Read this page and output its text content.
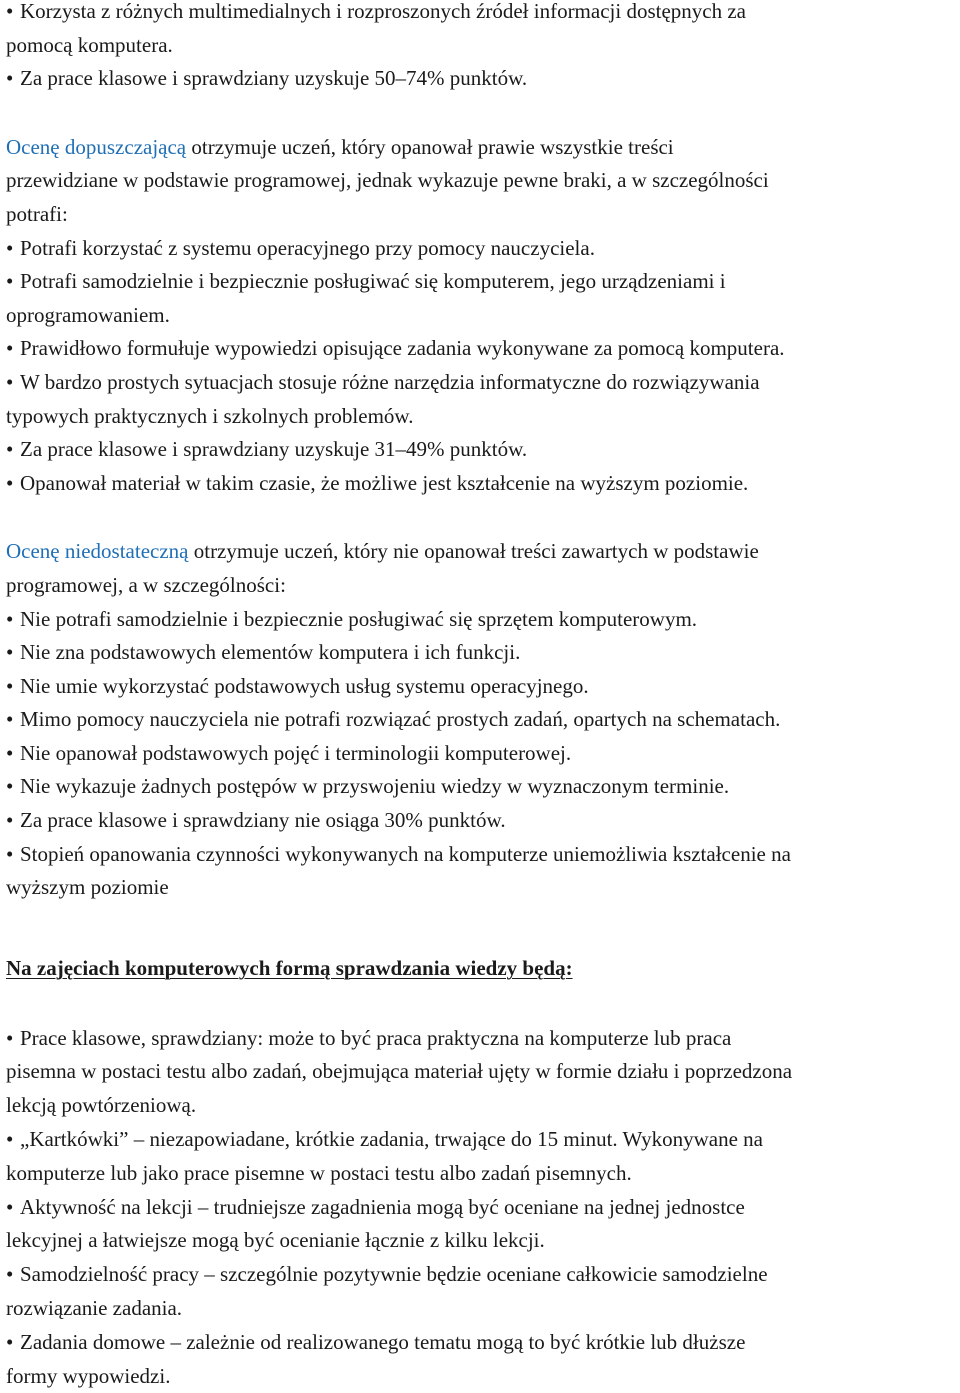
• Korzysta z różnych multimedialnych i rozproszonych źródeł informacji dostępnych za
pomocą komputera.
• Za prace klasowe i sprawdziany uzyskuje 50–74% punktów.
Ocenę dopuszczającą otrzymuje uczeń, który opanował prawie wszystkie treści
przewidziane w podstawie programowej, jednak wykazuje pewne braki, a w szczególności
potrafi:
• Potrafi korzystać z systemu operacyjnego przy pomocy nauczyciela.
• Potrafi samodzielnie i bezpiecznie posługiwać się komputerem, jego urządzeniami i
oprogramowaniem.
• Prawidłowo formułuje wypowiedzi opisujące zadania wykonywane za pomocą komputera.
• W bardzo prostych sytuacjach stosuje różne narzędzia informatyczne do rozwiązywania
typowych praktycznych i szkolnych problemów.
• Za prace klasowe i sprawdziany uzyskuje 31–49% punktów.
• Opanował materiał w takim czasie, że możliwe jest kształcenie na wyższym poziomie.
Ocenę niedostateczną otrzymuje uczeń, który nie opanował treści zawartych w podstawie
programowej, a w szczególności:
• Nie potrafi samodzielnie i bezpiecznie posługiwać się sprzętem komputerowym.
• Nie zna podstawowych elementów komputera i ich funkcji.
• Nie umie wykorzystać podstawowych usług systemu operacyjnego.
• Mimo pomocy nauczyciela nie potrafi rozwiązać prostych zadań, opartych na schematach.
• Nie opanował podstawowych pojęć i terminologii komputerowej.
• Nie wykazuje żadnych postępów w przyswojeniu wiedzy w wyznaczonym terminie.
• Za prace klasowe i sprawdziany nie osiąga 30% punktów.
• Stopień opanowania czynności wykonywanych na komputerze uniemożliwia kształcenie na
wyższym poziomie
Na zajęciach komputerowych formą sprawdzania wiedzy będą:
• Prace klasowe, sprawdziany: może to być praca praktyczna na komputerze lub praca
pisemna w postaci testu albo zadań, obejmująca materiał ujęty w formie działu i poprzedzona
lekcją powtórzeniową.
• „Kartkówki” – niezapowiadane, krótkie zadania, trwające do 15 minut. Wykonywane na
komputerze lub jako prace pisemne w postaci testu albo zadań pisemnych.
• Aktywność na lekcji – trudniejsze zagadnienia mogą być oceniane na jednej jednostce
lekcyjnej a łatwiejsze mogą być ocenianie łącznie z kilku lekcji.
• Samodzielność pracy – szczególnie pozytywnie będzie oceniane całkowicie samodzielne
rozwiązanie zadania.
• Zadania domowe – zależnie od realizowanego tematu mogą to być krótkie lub dłuższe
formy wypowiedzi.
